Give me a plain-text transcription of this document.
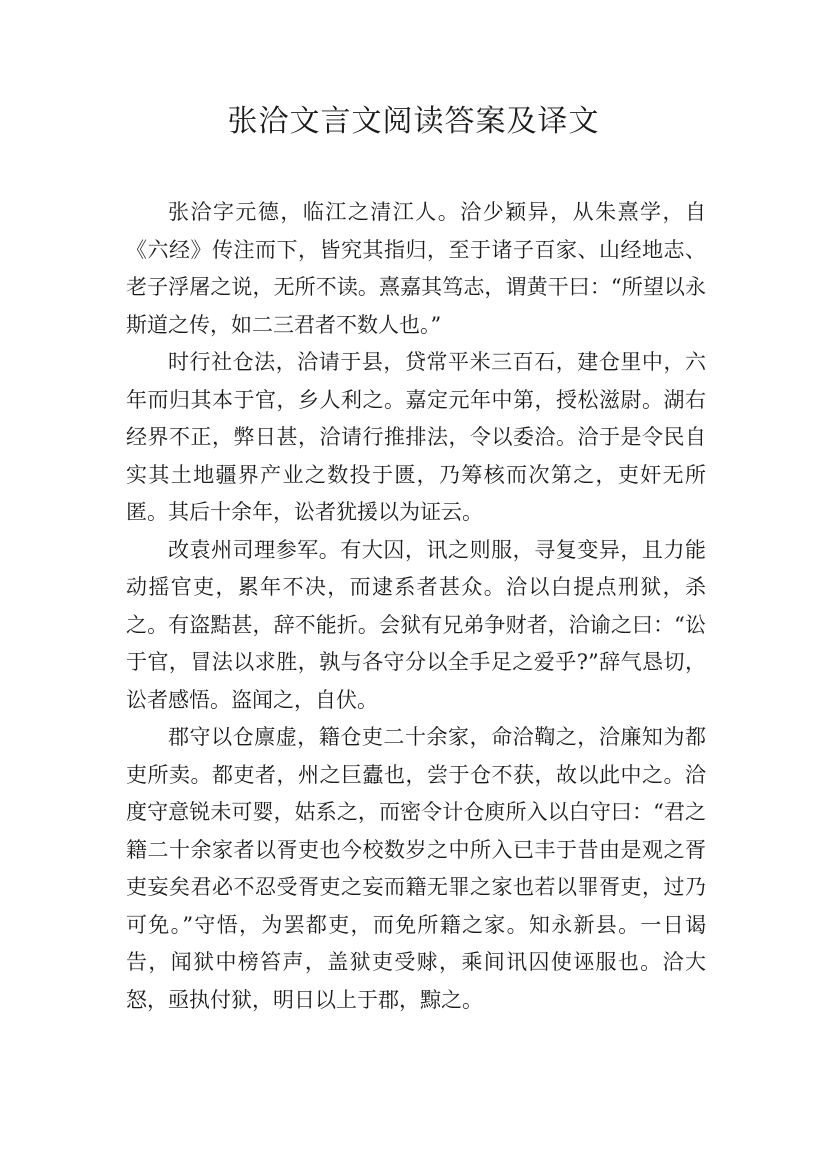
张洽文言文阅读答案及译文

张洽字元德，临江之清江人。洽少颖异，从朱熹学，自《六经》传注而下，皆究其指归，至于诸子百家、山经地志、老子浮屠之说，无所不读。熹嘉其笃志，谓黄干曰：“所望以永斯道之传，如二三君者不数人也。”

时行社仓法，洽请于县，贷常平米三百石，建仓里中，六年而归其本于官，乡人利之。嘉定元年中第，授松滋尉。湖右经界不正，弊日甚，洽请行推排法，令以委洽。洽于是令民自实其土地疆界产业之数投于匮，乃筹核而次第之，吏奸无所匿。其后十余年，讼者犹援以为证云。

改袁州司理参军。有大囚，讯之则服，寻复变异，且力能动摇官吏，累年不决，而逮系者甚众。洽以白提点刑狱，杀之。有盗黠甚，辞不能折。会狱有兄弟争财者，洽谕之曰：“讼于官，冒法以求胜，孰与各守分以全手足之爱乎?”辞气恳切，讼者感悟。盗闻之，自伏。

郡守以仓廪虚，籍仓吏二十余家，命洽鞫之，洽廉知为都吏所卖。都吏者，州之巨蠹也，尝于仓不获，故以此中之。洽度守意锐未可婴，姑系之，而密令计仓庾所入以白守曰：“君之籍二十余家者以胥吏也今校数岁之中所入已丰于昔由是观之胥吏妄矣君必不忍受胥吏之妄而籍无罪之家也若以罪胥吏，过乃可免。”守悟，为罢都吏，而免所籍之家。知永新县。一日谒告，闻狱中榜笞声，盖狱吏受赇，乘间讯囚使诬服也。洽大怒，亟执付狱，明日以上于郡，黥之。
